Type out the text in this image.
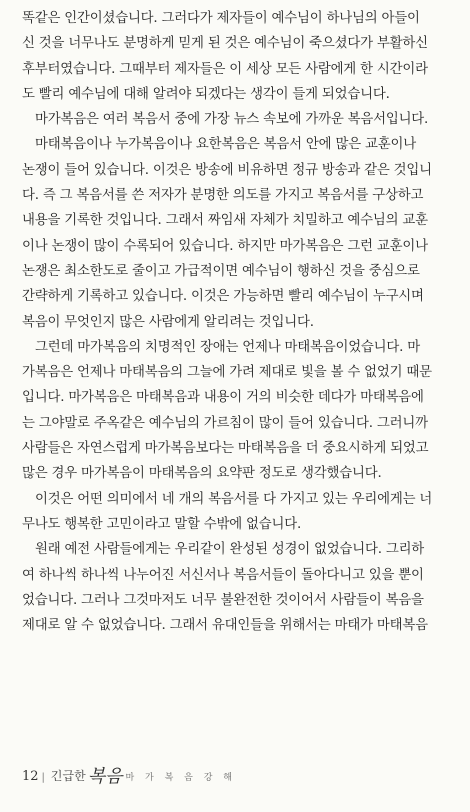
똑같은 인간이셨습니다. 그러다가 제자들이 예수님이 하나님의 아들이
신 것을 너무나도 분명하게 믿게 된 것은 예수님이 죽으셨다가 부활하신
후부터였습니다. 그때부터 제자들은 이 세상 모든 사람에게 한 시간이라
도 빨리 예수님에 대해 알려야 되겠다는 생각이 들게 되었습니다.
마가복음은 여러 복음서 중에 가장 뉴스 속보에 가까운 복음서입니다.
마태복음이나 누가복음이나 요한복음은 복음서 안에 많은 교훈이나
논쟁이 들어 있습니다. 이것은 방송에 비유하면 정규 방송과 같은 것입니
다. 즉 그 복음서를 쓴 저자가 분명한 의도를 가지고 복음서를 구상하고
내용을 기록한 것입니다. 그래서 짜임새 자체가 치밀하고 예수님의 교훈
이나 논쟁이 많이 수록되어 있습니다. 하지만 마가복음은 그런 교훈이나
논쟁은 최소한도로 줄이고 가급적이면 예수님이 행하신 것을 중심으로
간략하게 기록하고 있습니다. 이것은 가능하면 빨리 예수님이 누구시며
복음이 무엇인지 많은 사람에게 알리려는 것입니다.
그런데 마가복음의 치명적인 장애는 언제나 마태복음이었습니다. 마
가복음은 언제나 마태복음의 그늘에 가려 제대로 빛을 볼 수 없었기 때문
입니다. 마가복음은 마태복음과 내용이 거의 비슷한 데다가 마태복음에
는 그야말로 주옥같은 예수님의 가르침이 많이 들어 있습니다. 그러니까
사람들은 자연스럽게 마가복음보다는 마태복음을 더 중요시하게 되었고
많은 경우 마가복음이 마태복음의 요약판 정도로 생각했습니다.
이것은 어떤 의미에서 네 개의 복음서를 다 가지고 있는 우리에게는 너
무나도 행복한 고민이라고 말할 수밖에 없습니다.
원래 예전 사람들에게는 우리같이 완성된 성경이 없었습니다. 그리하
여 하나씩 하나씩 나누어진 서신서나 복음서들이 돌아다니고 있을 뿐이
었습니다. 그러나 그것마저도 너무 불완전한 것이어서 사람들이 복음을
제대로 알 수 없었습니다. 그래서 유대인들을 위해서는 마태가 마태복음
12 | 긴급한 복음 마 가 복 음 강 해
